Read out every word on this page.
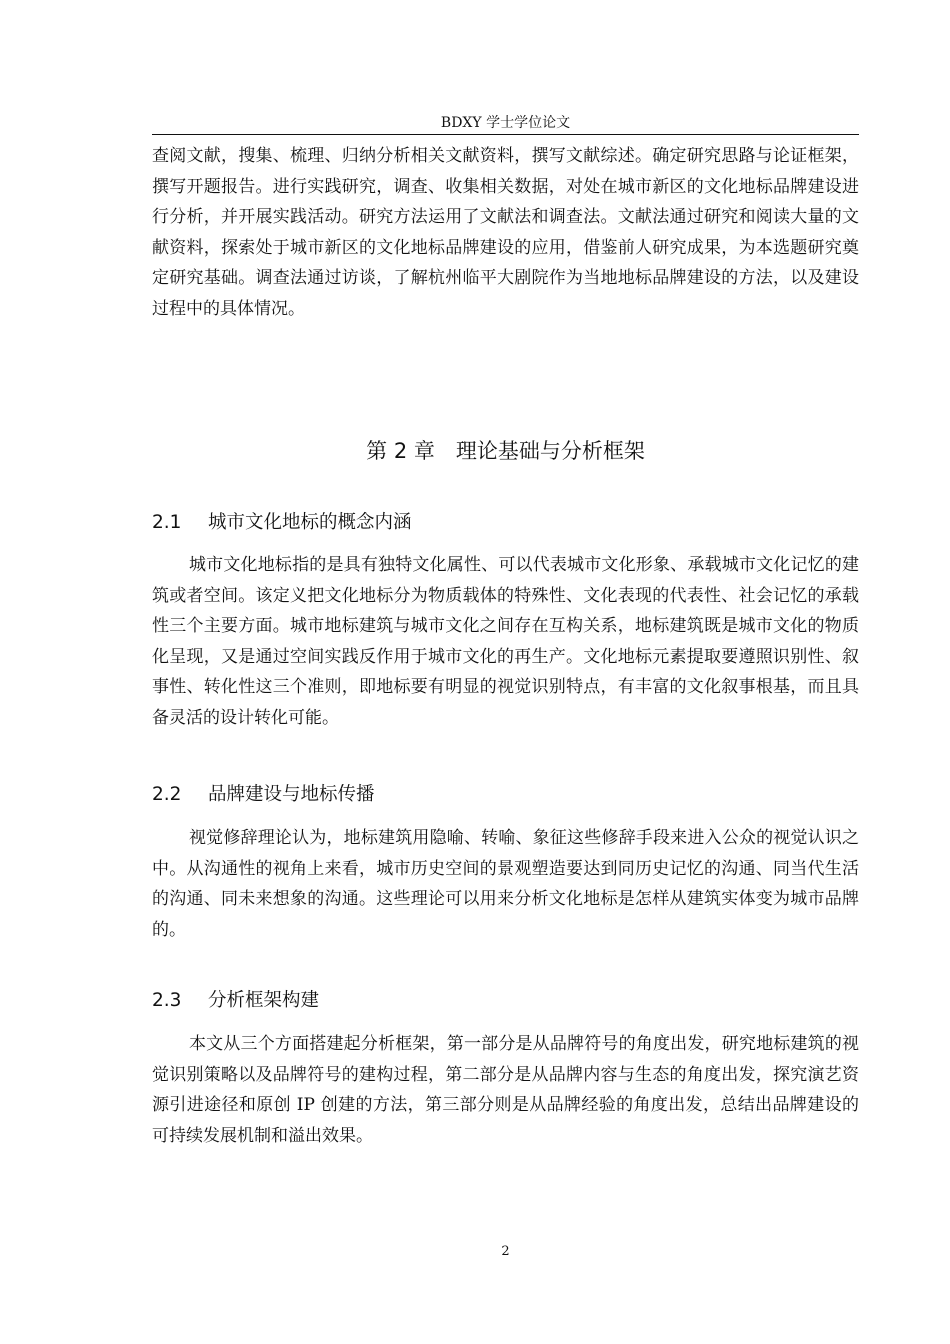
BDXY 学士学位论文

查阅文献，搜集、梳理、归纳分析相关文献资料，撰写文献综述。确定研究思路与论证框架，撰写开题报告。进行实践研究，调查、收集相关数据，对处在城市新区的文化地标品牌建设进行分析，并开展实践活动。研究方法运用了文献法和调查法。文献法通过研究和阅读大量的文献资料，探索处于城市新区的文化地标品牌建设的应用，借鉴前人研究成果，为本选题研究奠定研究基础。调查法通过访谈，了解杭州临平大剧院作为当地地标品牌建设的方法，以及建设过程中的具体情况。

第 2 章　理论基础与分析框架
2.1 城市文化地标的概念内涵

城市文化地标指的是具有独特文化属性、可以代表城市文化形象、承载城市文化记忆的建筑或者空间。该定义把文化地标分为物质载体的特殊性、文化表现的代表性、社会记忆的承载性三个主要方面。城市地标建筑与城市文化之间存在互构关系，地标建筑既是城市文化的物质化呈现，又是通过空间实践反作用于城市文化的再生产。文化地标元素提取要遵照识别性、叙事性、转化性这三个准则，即地标要有明显的视觉识别特点，有丰富的文化叙事根基，而且具备灵活的设计转化可能。

2.2 品牌建设与地标传播

视觉修辞理论认为，地标建筑用隐喻、转喻、象征这些修辞手段来进入公众的视觉认识之中。从沟通性的视角上来看，城市历史空间的景观塑造要达到同历史记忆的沟通、同当代生活的沟通、同未来想象的沟通。这些理论可以用来分析文化地标是怎样从建筑实体变为城市品牌的。

2.3 分析框架构建

本文从三个方面搭建起分析框架，第一部分是从品牌符号的角度出发，研究地标建筑的视觉识别策略以及品牌符号的建构过程，第二部分是从品牌内容与生态的角度出发，探究演艺资源引进途径和原创 IP 创建的方法，第三部分则是从品牌经验的角度出发，总结出品牌建设的可持续发展机制和溢出效果。

2
